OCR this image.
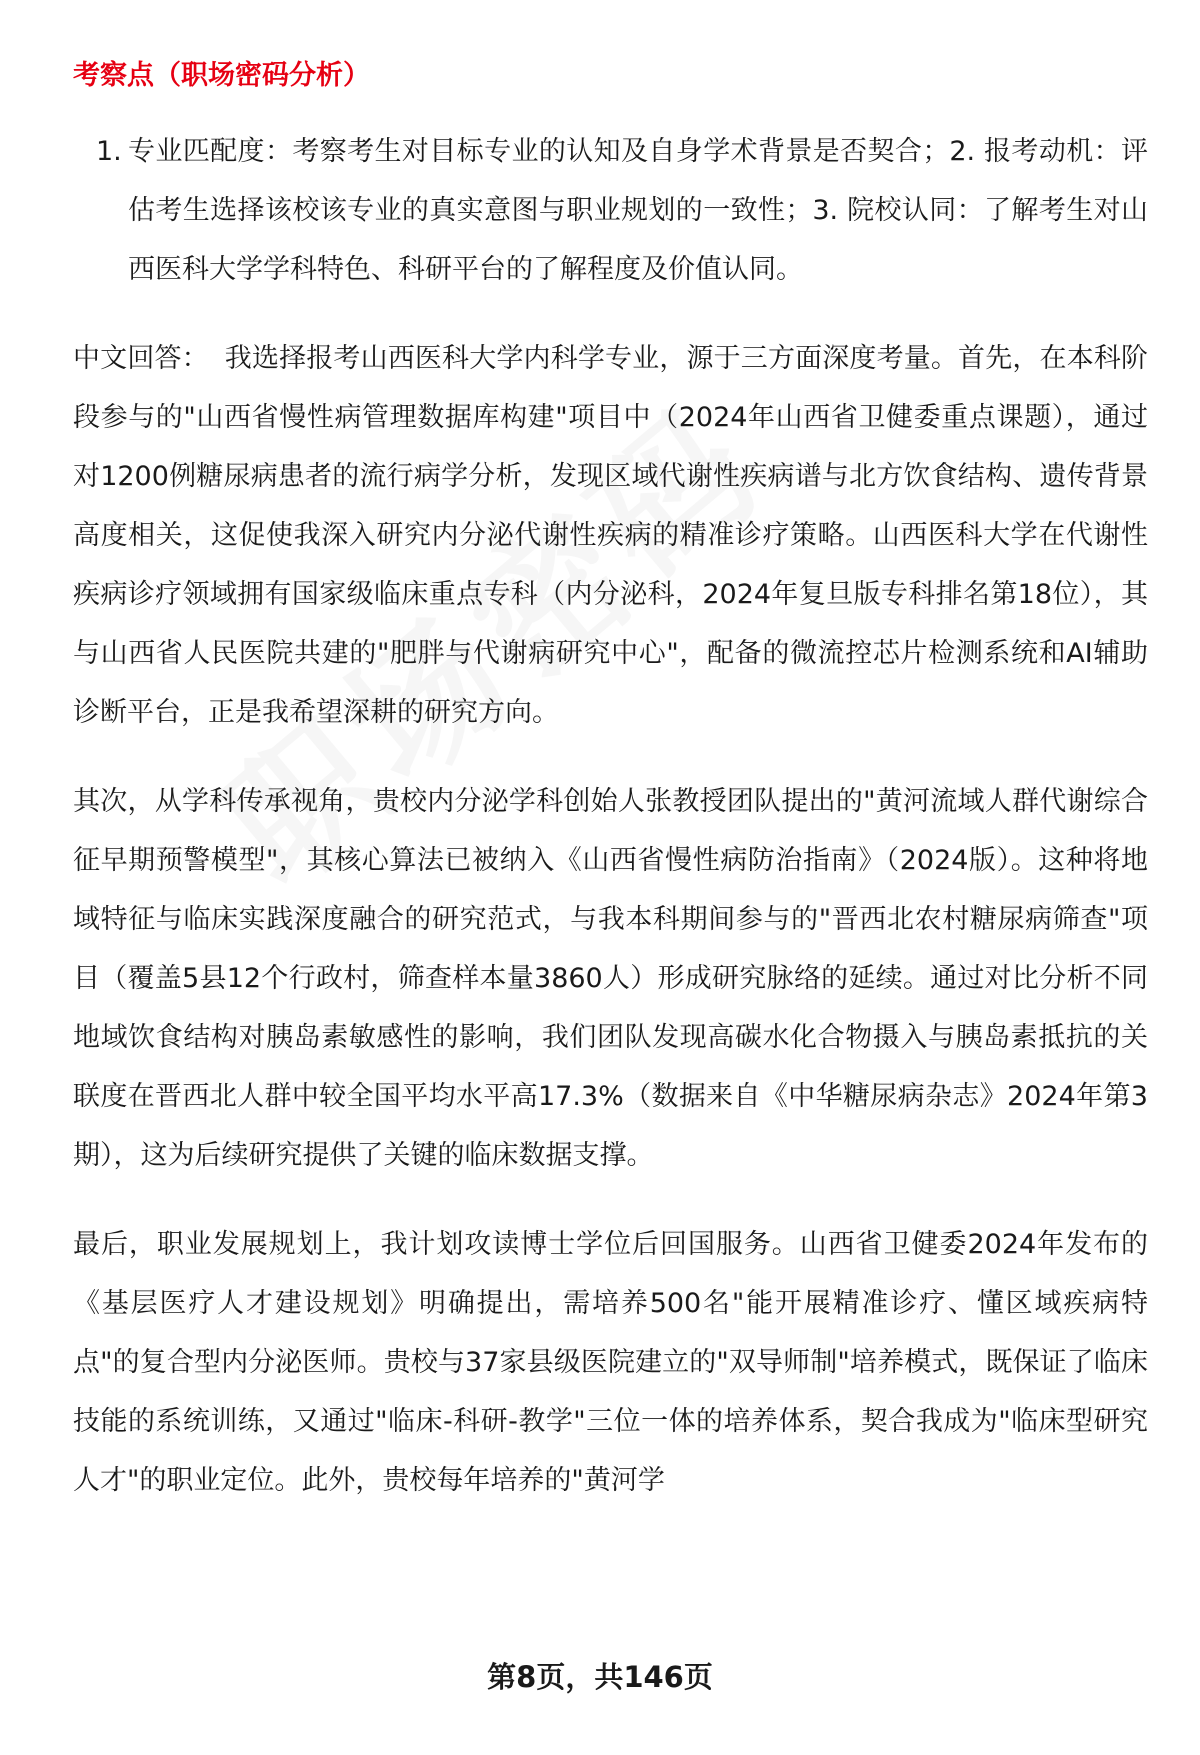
考察点（职场密码分析）
1. 专业匹配度：考察考生对目标专业的认知及自身学术背景是否契合；2. 报考动机：评估考生选择该校该专业的真实意图与职业规划的一致性；3. 院校认同：了解考生对山西医科大学学科特色、科研平台的了解程度及价值认同。
中文回答： 我选择报考山西医科大学内科学专业，源于三方面深度考量。首先，在本科阶段参与的"山西省慢性病管理数据库构建"项目中（2024年山西省卫健委重点课题），通过对1200例糖尿病患者的流行病学分析，发现区域代谢性疾病谱与北方饮食结构、遗传背景高度相关，这促使我深入研究内分泌代谢性疾病的精准诊疗策略。山西医科大学在代谢性疾病诊疗领域拥有国家级临床重点专科（内分泌科，2024年复旦版专科排名第18位），其与山西省人民医院共建的"肥胖与代谢病研究中心"，配备的微流控芯片检测系统和AI辅助诊断平台，正是我希望深耕的研究方向。
其次，从学科传承视角，贵校内分泌学科创始人张教授团队提出的"黄河流域人群代谢综合征早期预警模型"，其核心算法已被纳入《山西省慢性病防治指南》（2024版）。这种将地域特征与临床实践深度融合的研究范式，与我本科期间参与的"晋西北农村糖尿病筛查"项目（覆盖5县12个行政村，筛查样本量3860人）形成研究脉络的延续。通过对比分析不同地域饮食结构对胰岛素敏感性的影响，我们团队发现高碳水化合物摄入与胰岛素抵抗的关联度在晋西北人群中较全国平均水平高17.3%（数据来自《中华糖尿病杂志》2024年第3期），这为后续研究提供了关键的临床数据支撑。
最后，职业发展规划上，我计划攻读博士学位后回国服务。山西省卫健委2024年发布的《基层医疗人才建设规划》明确提出，需培养500名"能开展精准诊疗、懂区域疾病特点"的复合型内分泌医师。贵校与37家县级医院建立的"双导师制"培养模式，既保证了临床技能的系统训练，又通过"临床-科研-教学"三位一体的培养体系，契合我成为"临床型研究人才"的职业定位。此外，贵校每年培养的"黄河学
第8页，共146页
